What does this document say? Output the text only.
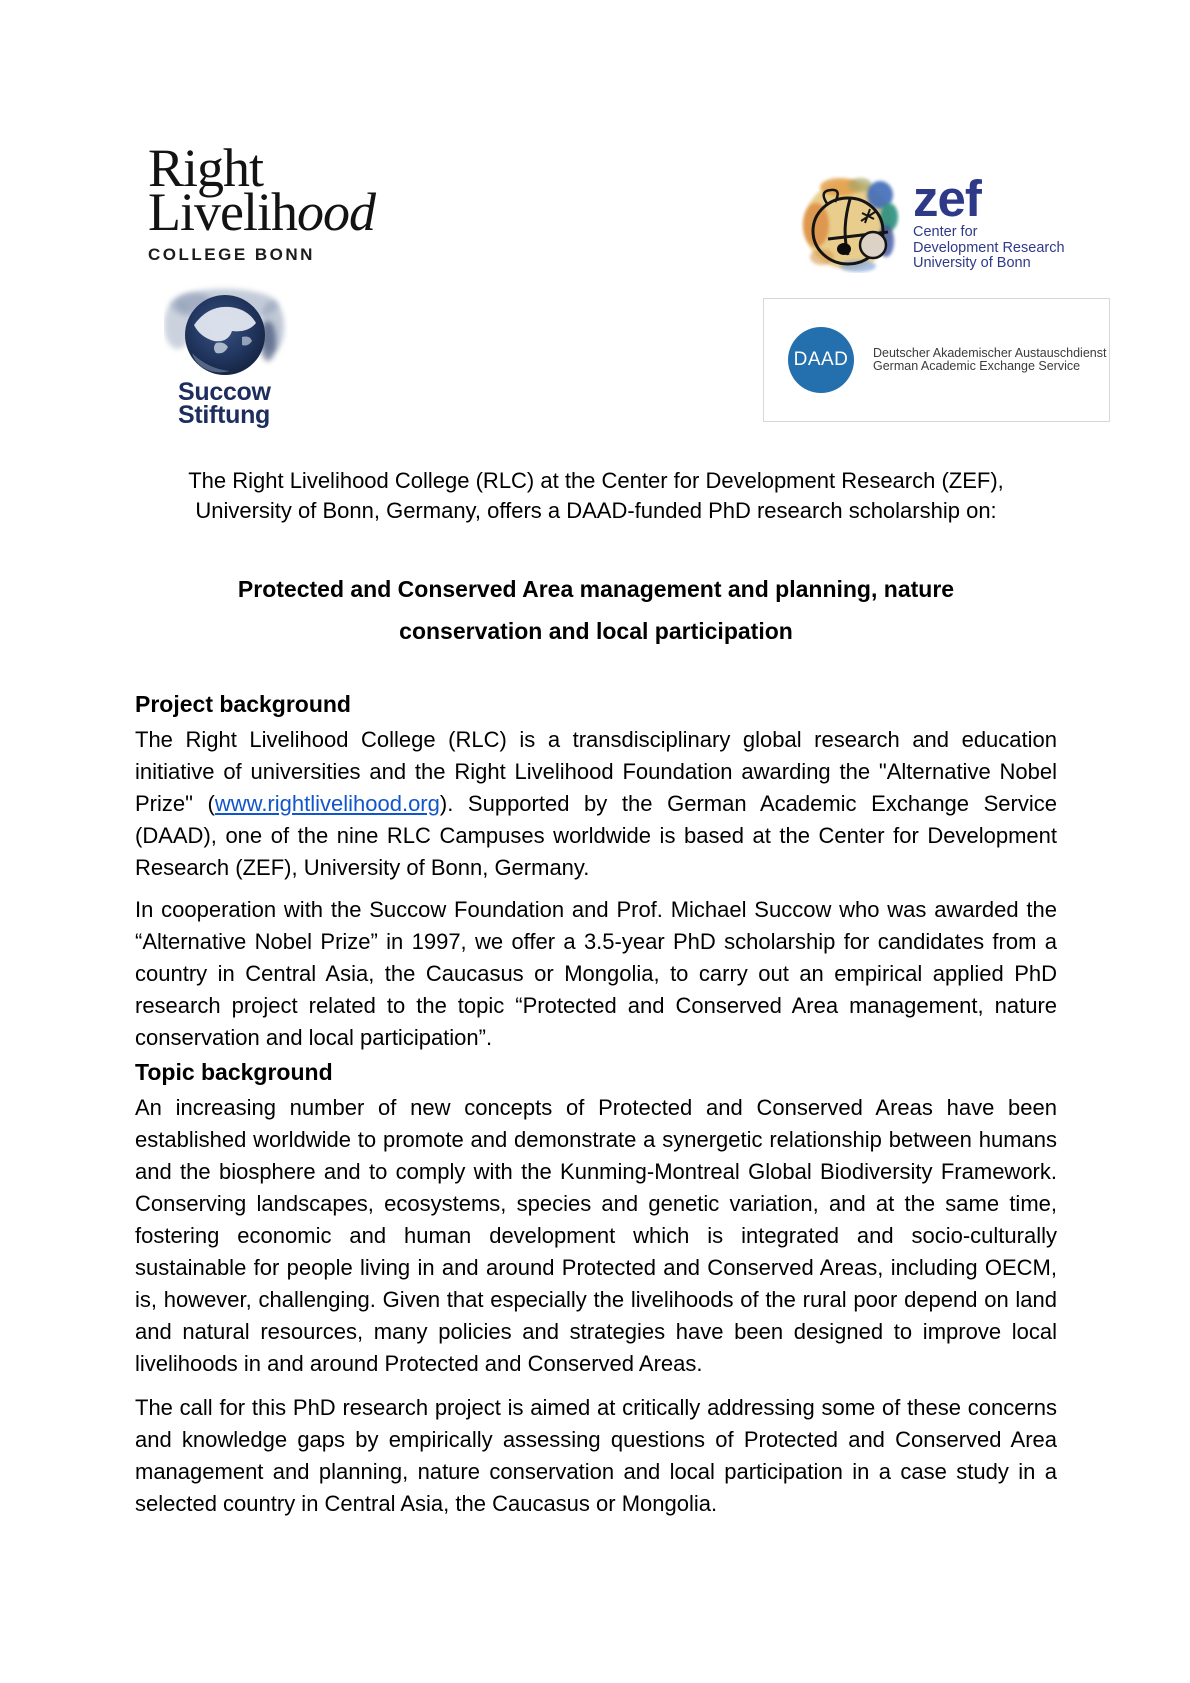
Right
Livelihood
COLLEGE BONN
Succow
Stiftung
zef
Center for
Development Research
University of Bonn
DAAD Deutscher Akademischer Austauschdienst
German Academic Exchange Service
The Right Livelihood College (RLC) at the Center for Development Research (ZEF),
University of Bonn, Germany, offers a DAAD-funded PhD research scholarship on:
Protected and Conserved Area management and planning, nature
conservation and local participation
Project background

The Right Livelihood College (RLC) is a transdisciplinary global research and education initiative of universities and the Right Livelihood Foundation awarding the "Alternative Nobel Prize" (www.rightlivelihood.org). Supported by the German Academic Exchange Service (DAAD), one of the nine RLC Campuses worldwide is based at the Center for Development Research (ZEF), University of Bonn, Germany.

In cooperation with the Succow Foundation and Prof. Michael Succow who was awarded the “Alternative Nobel Prize” in 1997, we offer a 3.5-year PhD scholarship for candidates from a country in Central Asia, the Caucasus or Mongolia, to carry out an empirical applied PhD research project related to the topic “Protected and Conserved Area management, nature conservation and local participation”.

Topic background

An increasing number of new concepts of Protected and Conserved Areas have been established worldwide to promote and demonstrate a synergetic relationship between humans and the biosphere and to comply with the Kunming-Montreal Global Biodiversity Framework. Conserving landscapes, ecosystems, species and genetic variation, and at the same time, fostering economic and human development which is integrated and socio-culturally sustainable for people living in and around Protected and Conserved Areas, including OECM, is, however, challenging. Given that especially the livelihoods of the rural poor depend on land and natural resources, many policies and strategies have been designed to improve local livelihoods in and around Protected and Conserved Areas.

The call for this PhD research project is aimed at critically addressing some of these concerns and knowledge gaps by empirically assessing questions of Protected and Conserved Area management and planning, nature conservation and local participation in a case study in a selected country in Central Asia, the Caucasus or Mongolia.
